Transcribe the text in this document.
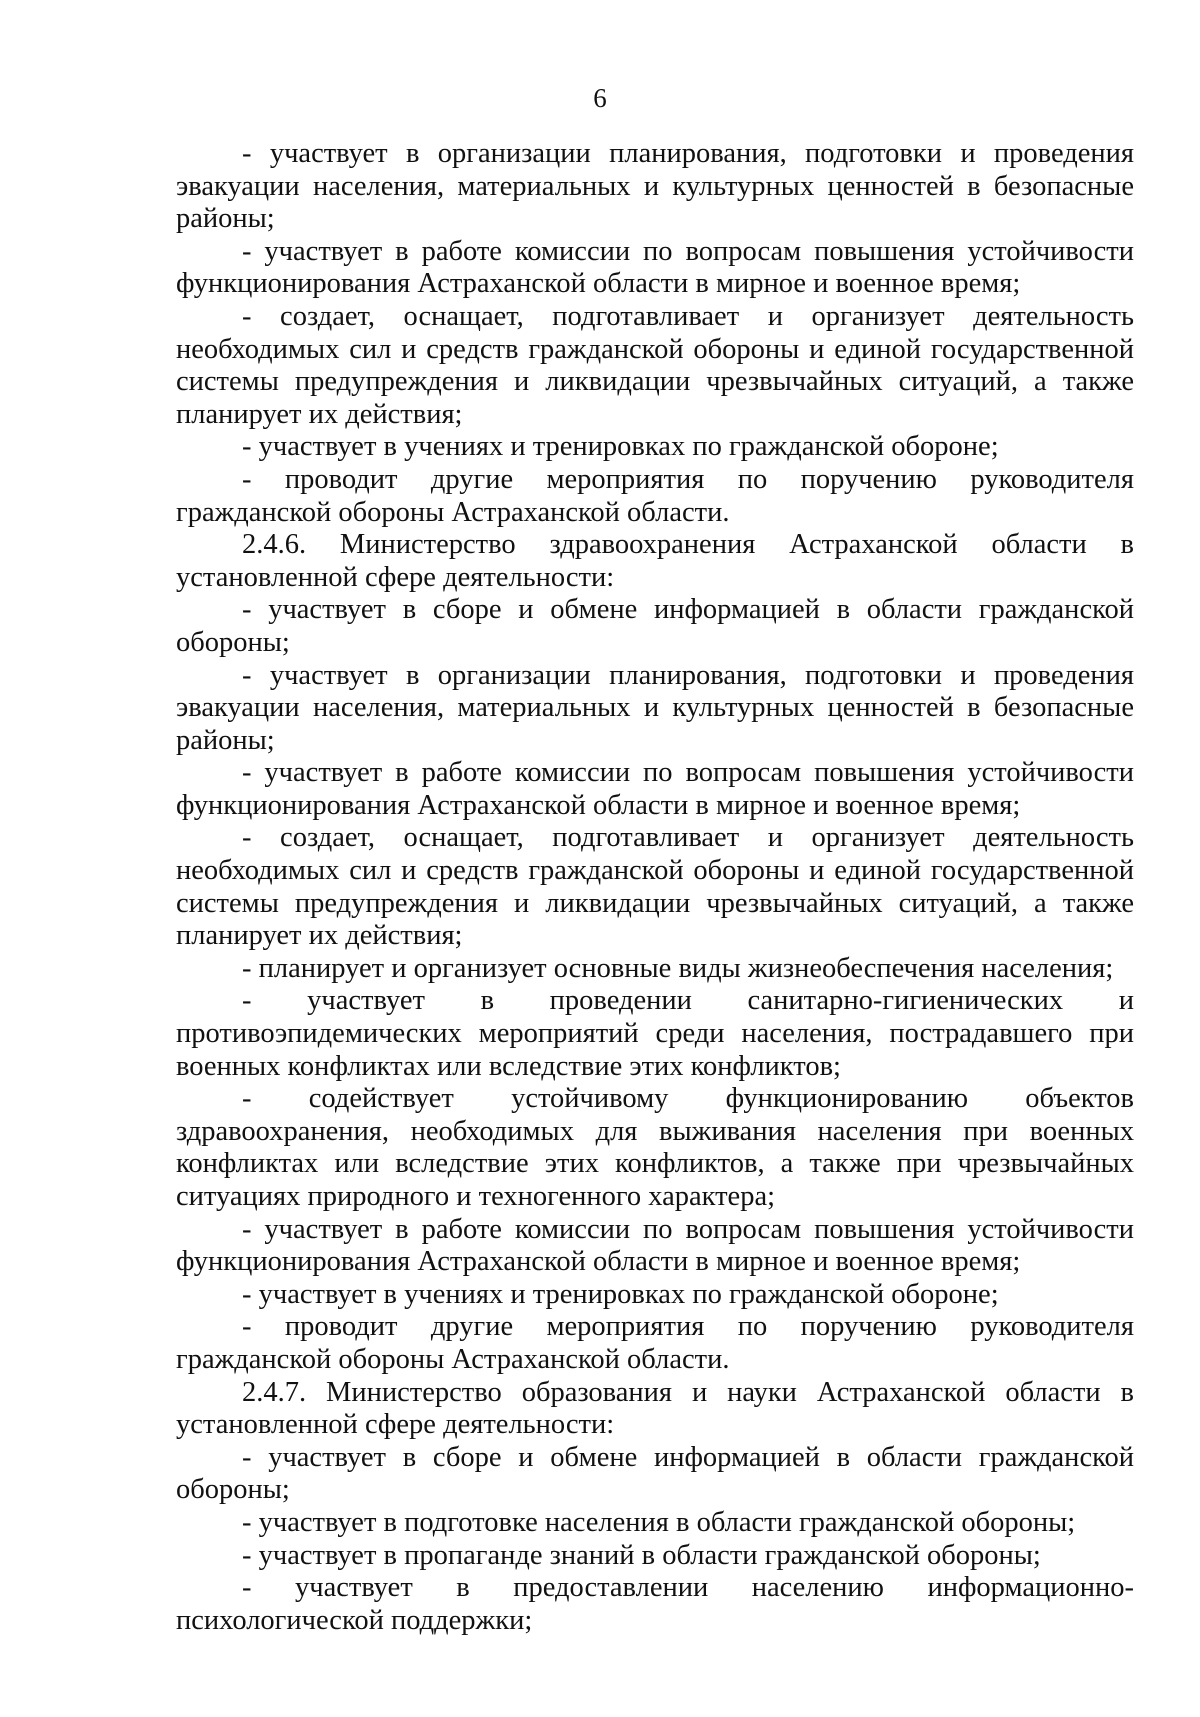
6

- участвует в организации планирования, подготовки и проведения эвакуации населения, материальных и культурных ценностей в безопасные районы;

- участвует в работе комиссии по вопросам повышения устойчивости функционирования Астраханской области в мирное и военное время;

- создает, оснащает, подготавливает и организует деятельность необходимых сил и средств гражданской обороны и единой государственной системы предупреждения и ликвидации чрезвычайных ситуаций, а также планирует их действия;

- участвует в учениях и тренировках по гражданской обороне;

- проводит другие мероприятия по поручению руководителя гражданской обороны Астраханской области.

2.4.6. Министерство здравоохранения Астраханской области в установленной сфере деятельности:

- участвует в сборе и обмене информацией в области гражданской обороны;

- участвует в организации планирования, подготовки и проведения эвакуации населения, материальных и культурных ценностей в безопасные районы;

- участвует в работе комиссии по вопросам повышения устойчивости функционирования Астраханской области в мирное и военное время;

- создает, оснащает, подготавливает и организует деятельность необходимых сил и средств гражданской обороны и единой государственной системы предупреждения и ликвидации чрезвычайных ситуаций, а также планирует их действия;

- планирует и организует основные виды жизнеобеспечения населения;

- участвует в проведении санитарно-гигиенических и противоэпидемических мероприятий среди населения, пострадавшего при военных конфликтах или вследствие этих конфликтов;

- содействует устойчивому функционированию объектов здравоохранения, необходимых для выживания населения при военных конфликтах или вследствие этих конфликтов, а также при чрезвычайных ситуациях природного и техногенного характера;

- участвует в работе комиссии по вопросам повышения устойчивости функционирования Астраханской области в мирное и военное время;

- участвует в учениях и тренировках по гражданской обороне;

- проводит другие мероприятия по поручению руководителя гражданской обороны Астраханской области.

2.4.7. Министерство образования и науки Астраханской области в установленной сфере деятельности:

- участвует в сборе и обмене информацией в области гражданской обороны;

- участвует в подготовке населения в области гражданской обороны;

- участвует в пропаганде знаний в области гражданской обороны;

- участвует в предоставлении населению информационно-психологической поддержки;
